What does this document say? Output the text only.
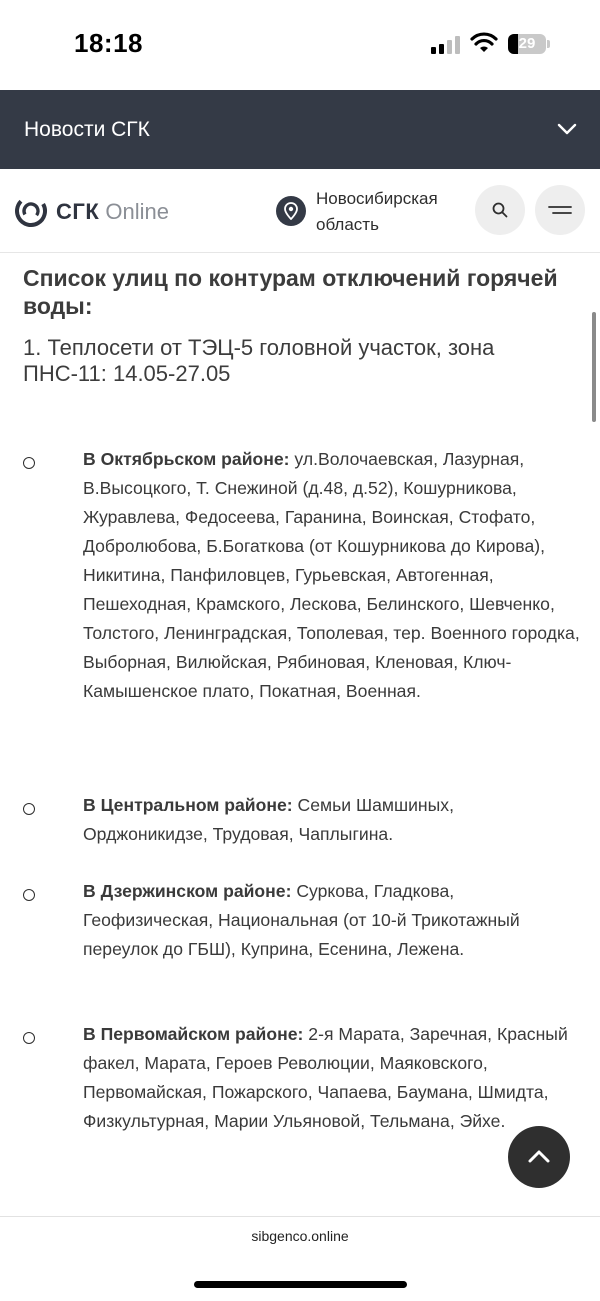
18:18	29
Новости СГК
СГК Online
Новосибирская
область
Список улиц по контурам отключений горячей воды:
1. Теплосети от ТЭЦ-5 головной участок, зона ПНС-11: 14.05-27.05
В Октябрьском районе: ул.Волочаевская, Лазурная, В.Высоцкого, Т. Снежиной (д.48, д.52), Кошурникова, Журавлева, Федосеева, Гаранина, Воинская, Стофато, Добролюбова, Б.Богаткова (от Кошурникова до Кирова), Никитина, Панфиловцев, Гурьевская, Автогенная, Пешеходная, Крамского, Лескова, Белинского, Шевченко, Толстого, Ленинградская, Тополевая, тер. Военного городка, Выборная, Вилюйская, Рябиновая, Кленовая, Ключ-Камышенское плато, Покатная, Военная.
В Центральном районе: Семьи Шамшиных, Орджоникидзе, Трудовая, Чаплыгина.
В Дзержинском районе: Суркова, Гладкова, Геофизическая, Национальная (от 10-й Трикотажный переулок до ГБШ), Куприна, Есенина, Лежена.
В Первомайском районе: 2-я Марата, Заречная, Красный факел, Марата, Героев Революции, Маяковского, Первомайская, Пожарского, Чапаева, Баумана, Шмидта, Физкультурная, Марии Ульяновой, Тельмана, Эйхе.
sibgenco.online
